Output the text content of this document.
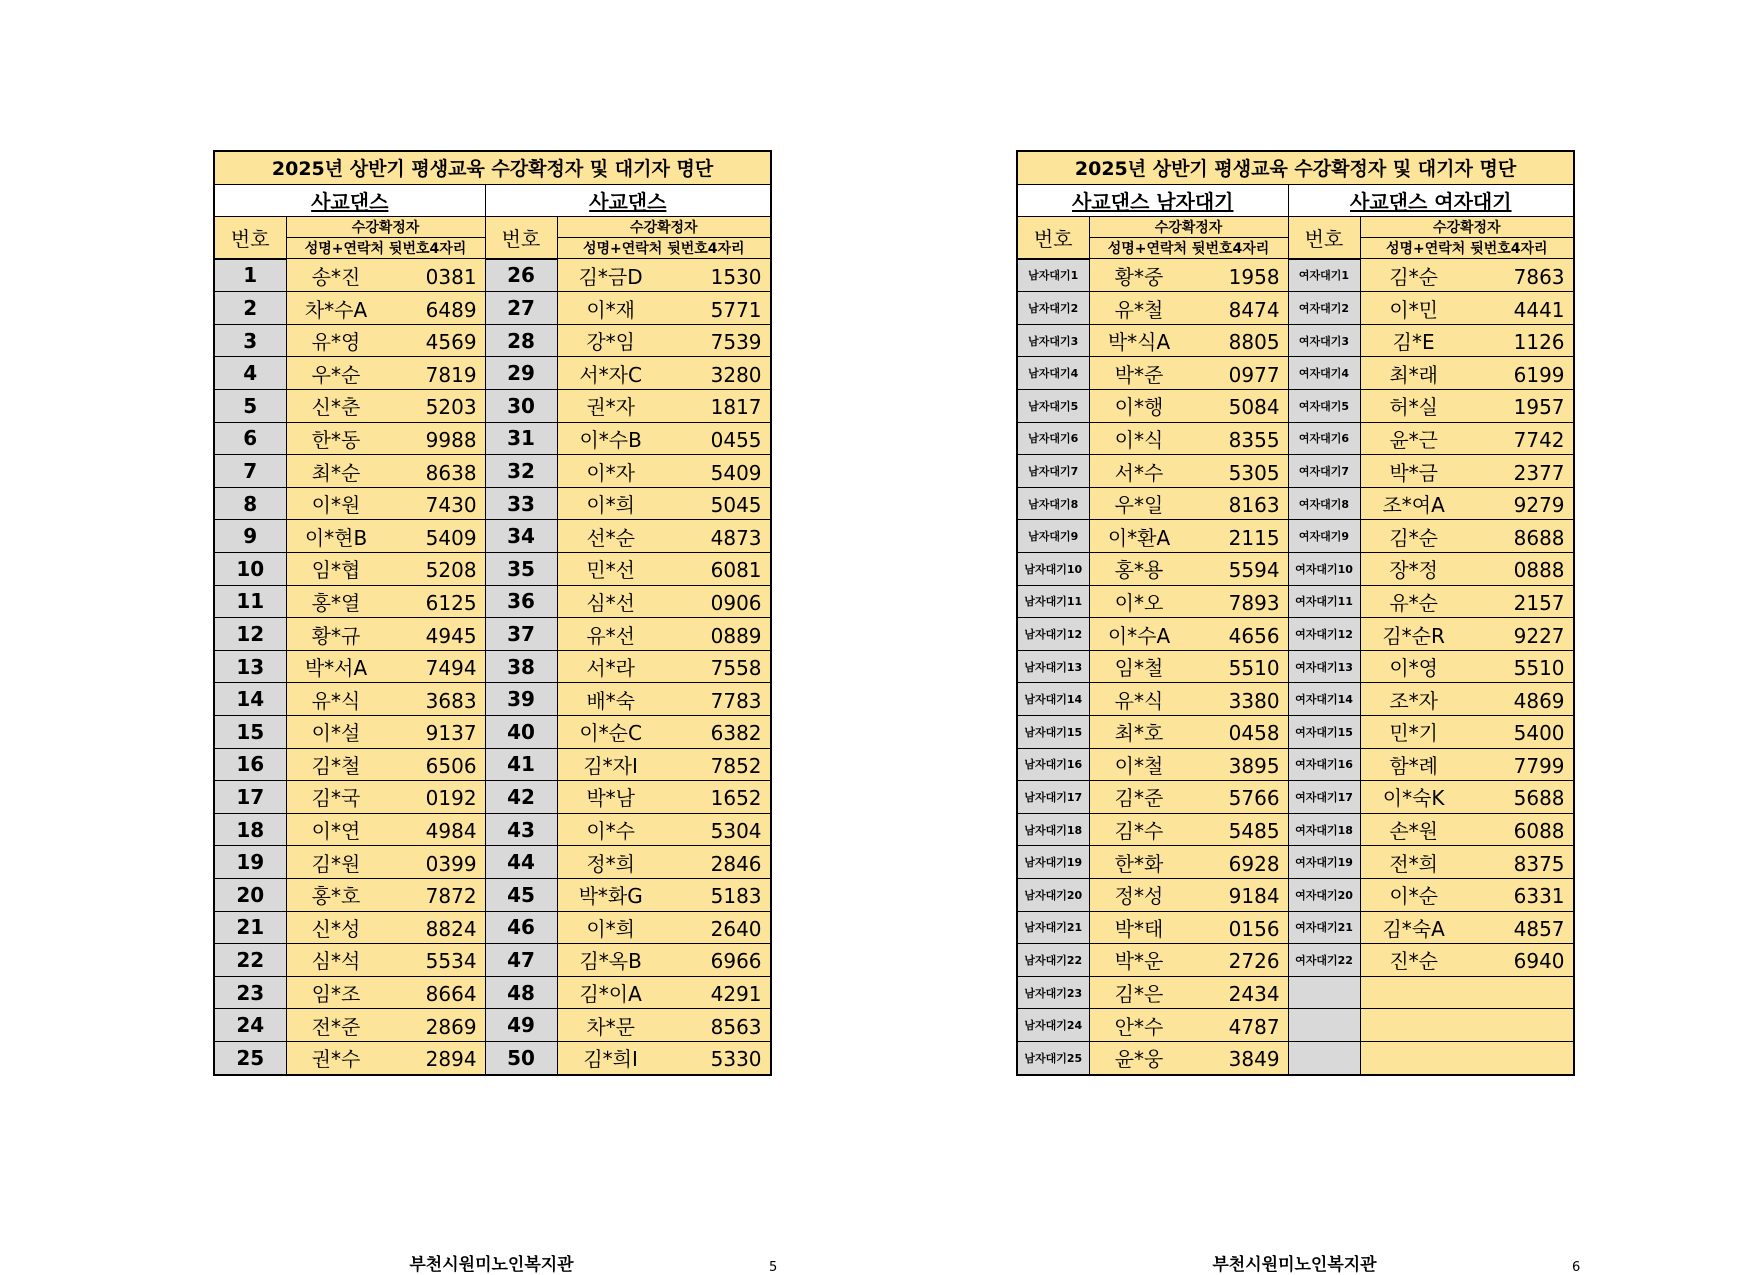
2025년 상반기 평생교육 수강확정자 및 대기자 명단			
사교댄스		사교댄스	
번호	수강확정자	번호	수강확정자
	성명+연락처 뒷번호4자리		성명+연락처 뒷번호4자리
1	송*진 0381	26	김*금D 1530
2	차*수A 6489	27	이*재 5771
3	유*영 4569	28	강*임 7539
4	우*순 7819	29	서*자C 3280
5	신*춘 5203	30	권*자 1817
6	한*동 9988	31	이*수B 0455
7	최*순 8638	32	이*자 5409
8	이*원 7430	33	이*희 5045
9	이*현B 5409	34	선*순 4873
10	임*협 5208	35	민*선 6081
11	홍*열 6125	36	심*선 0906
12	황*규 4945	37	유*선 0889
13	박*서A 7494	38	서*라 7558
14	유*식 3683	39	배*숙 7783
15	이*설 9137	40	이*순C 6382
16	김*철 6506	41	김*자I 7852
17	김*국 0192	42	박*남 1652
18	이*연 4984	43	이*수 5304
19	김*원 0399	44	정*희 2846
20	홍*호 7872	45	박*화G 5183
21	신*성 8824	46	이*희 2640
22	심*석 5534	47	김*옥B 6966
23	임*조 8664	48	김*이A 4291
24	전*준 2869	49	차*문 8563
25	권*수 2894	50	김*희I 5330
부천시원미노인복지관	5
2025년 상반기 평생교육 수강확정자 및 대기자 명단			
사교댄스 남자대기		사교댄스 여자대기	
번호	수강확정자	번호	수강확정자
	성명+연락처 뒷번호4자리		성명+연락처 뒷번호4자리
남자대기1	황*중 1958	여자대기1	김*순 7863
남자대기2	유*철 8474	여자대기2	이*민 4441
남자대기3	박*식A 8805	여자대기3	김*E 1126
남자대기4	박*준 0977	여자대기4	최*래 6199
남자대기5	이*행 5084	여자대기5	허*실 1957
남자대기6	이*식 8355	여자대기6	윤*근 7742
남자대기7	서*수 5305	여자대기7	박*금 2377
남자대기8	우*일 8163	여자대기8	조*여A 9279
남자대기9	이*환A 2115	여자대기9	김*순 8688
남자대기10	홍*용 5594	여자대기10	장*정 0888
남자대기11	이*오 7893	여자대기11	유*순 2157
남자대기12	이*수A 4656	여자대기12	김*순R 9227
남자대기13	임*철 5510	여자대기13	이*영 5510
남자대기14	유*식 3380	여자대기14	조*자 4869
남자대기15	최*호 0458	여자대기15	민*기 5400
남자대기16	이*철 3895	여자대기16	함*례 7799
남자대기17	김*준 5766	여자대기17	이*숙K 5688
남자대기18	김*수 5485	여자대기18	손*원 6088
남자대기19	한*화 6928	여자대기19	전*희 8375
남자대기20	정*성 9184	여자대기20	이*순 6331
남자대기21	박*태 0156	여자대기21	김*숙A 4857
남자대기22	박*운 2726	여자대기22	진*순 6940
남자대기23	김*은 2434		
남자대기24	안*수 4787		
남자대기25	윤*웅 3849		
부천시원미노인복지관	6
